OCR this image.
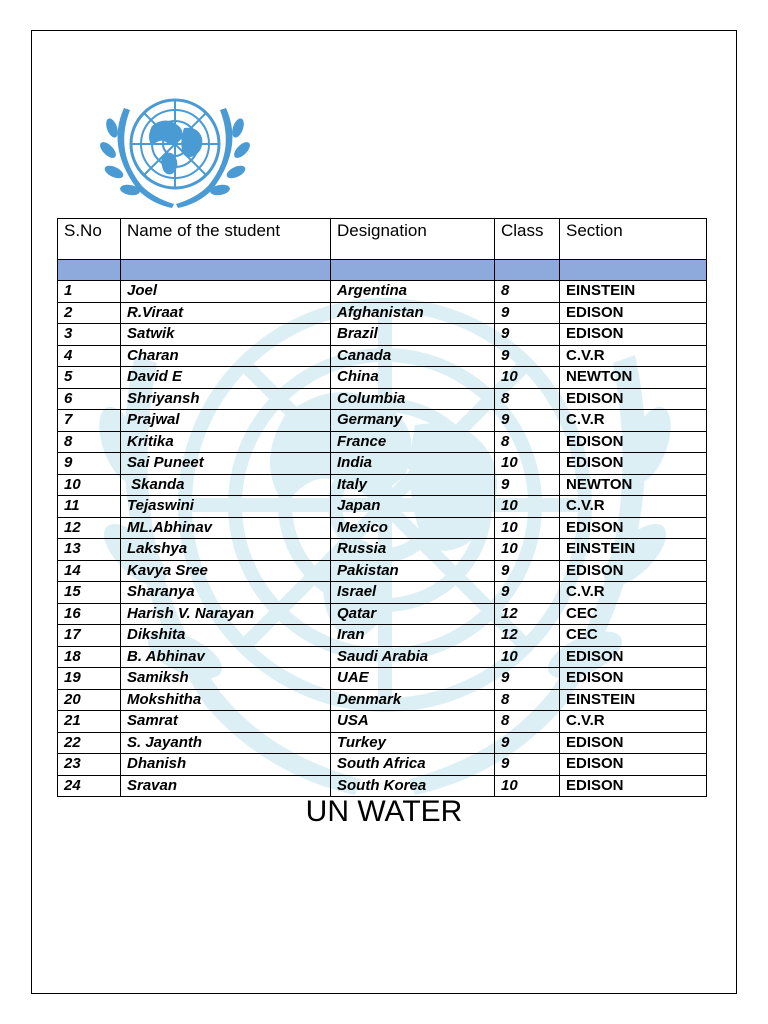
S.No	Name of the student	Designation	Class	Section

1	Joel	Argentina	8	EINSTEIN
2	R.Viraat	Afghanistan	9	EDISON
3	Satwik	Brazil	9	EDISON
4	Charan	Canada	9	C.V.R
5	David E	China	10	NEWTON
6	Shriyansh	Columbia	8	EDISON
7	Prajwal	Germany	9	C.V.R
8	Kritika	France	8	EDISON
9	Sai Puneet	India	10	EDISON
10	Skanda	Italy	9	NEWTON
11	Tejaswini	Japan	10	C.V.R
12	ML.Abhinav	Mexico	10	EDISON
13	Lakshya	Russia	10	EINSTEIN
14	Kavya Sree	Pakistan	9	EDISON
15	Sharanya	Israel	9	C.V.R
16	Harish V. Narayan	Qatar	12	CEC
17	Dikshita	Iran	12	CEC
18	B. Abhinav	Saudi Arabia	10	EDISON
19	Samiksh	UAE	9	EDISON
20	Mokshitha	Denmark	8	EINSTEIN
21	Samrat	USA	8	C.V.R
22	S. Jayanth	Turkey	9	EDISON
23	Dhanish	South Africa	9	EDISON
24	Sravan	South Korea	10	EDISON
UN WATER
